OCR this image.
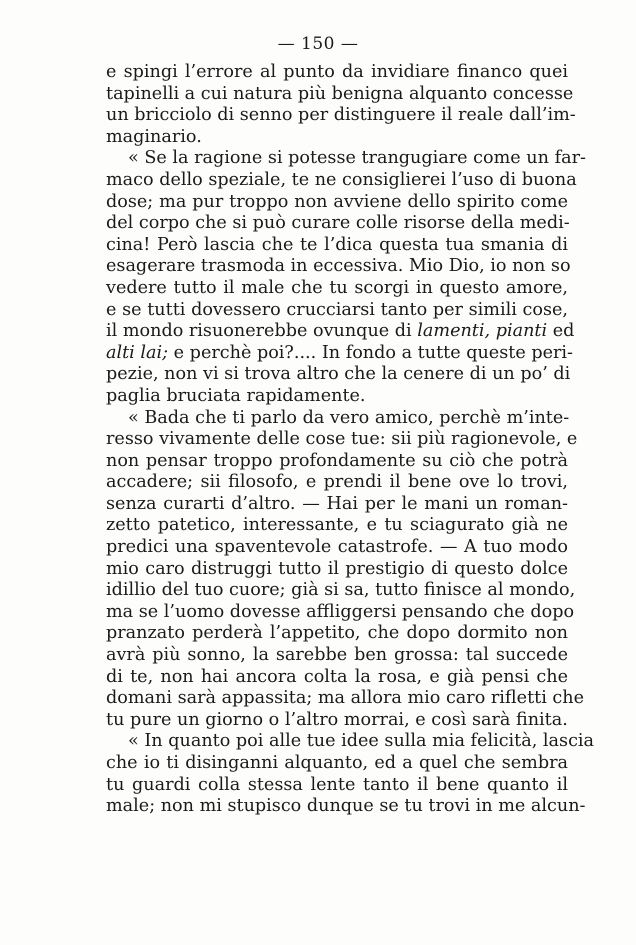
— 150 —
e spingi l’errore al punto da invidiare financo quei
tapinelli a cui natura più benigna alquanto concesse
un bricciolo di senno per distinguere il reale dall’im-
maginario.
« Se la ragione si potesse trangugiare come un far-
maco dello speziale, te ne consiglierei l’uso di buona
dose; ma pur troppo non avviene dello spirito come
del corpo che si può curare colle risorse della medi-
cina! Però lascia che te l’dica questa tua smania di
esagerare trasmoda in eccessiva. Mio Dio, io non so
vedere tutto il male che tu scorgi in questo amore,
e se tutti dovessero crucciarsi tanto per simili cose,
il mondo risuonerebbe ovunque di lamenti, pianti ed
alti lai; e perchè poi?.... In fondo a tutte queste peri-
pezie, non vi si trova altro che la cenere di un po’ di
paglia bruciata rapidamente.
« Bada che ti parlo da vero amico, perchè m’inte-
resso vivamente delle cose tue: sii più ragionevole, e
non pensar troppo profondamente su ciò che potrà
accadere; sii filosofo, e prendi il bene ove lo trovi,
senza curarti d’altro. — Hai per le mani un roman-
zetto patetico, interessante, e tu sciagurato già ne
predici una spaventevole catastrofe. — A tuo modo
mio caro distruggi tutto il prestigio di questo dolce
idillio del tuo cuore; già si sa, tutto finisce al mondo,
ma se l’uomo dovesse affliggersi pensando che dopo
pranzato perderà l’appetito, che dopo dormito non
avrà più sonno, la sarebbe ben grossa: tal succede
di te, non hai ancora colta la rosa, e già pensi che
domani sarà appassita; ma allora mio caro rifletti che
tu pure un giorno o l’altro morrai, e così sarà finita.
« In quanto poi alle tue idee sulla mia felicità, lascia
che io ti disinganni alquanto, ed a quel che sembra
tu guardi colla stessa lente tanto il bene quanto il
male; non mi stupisco dunque se tu trovi in me alcun-
